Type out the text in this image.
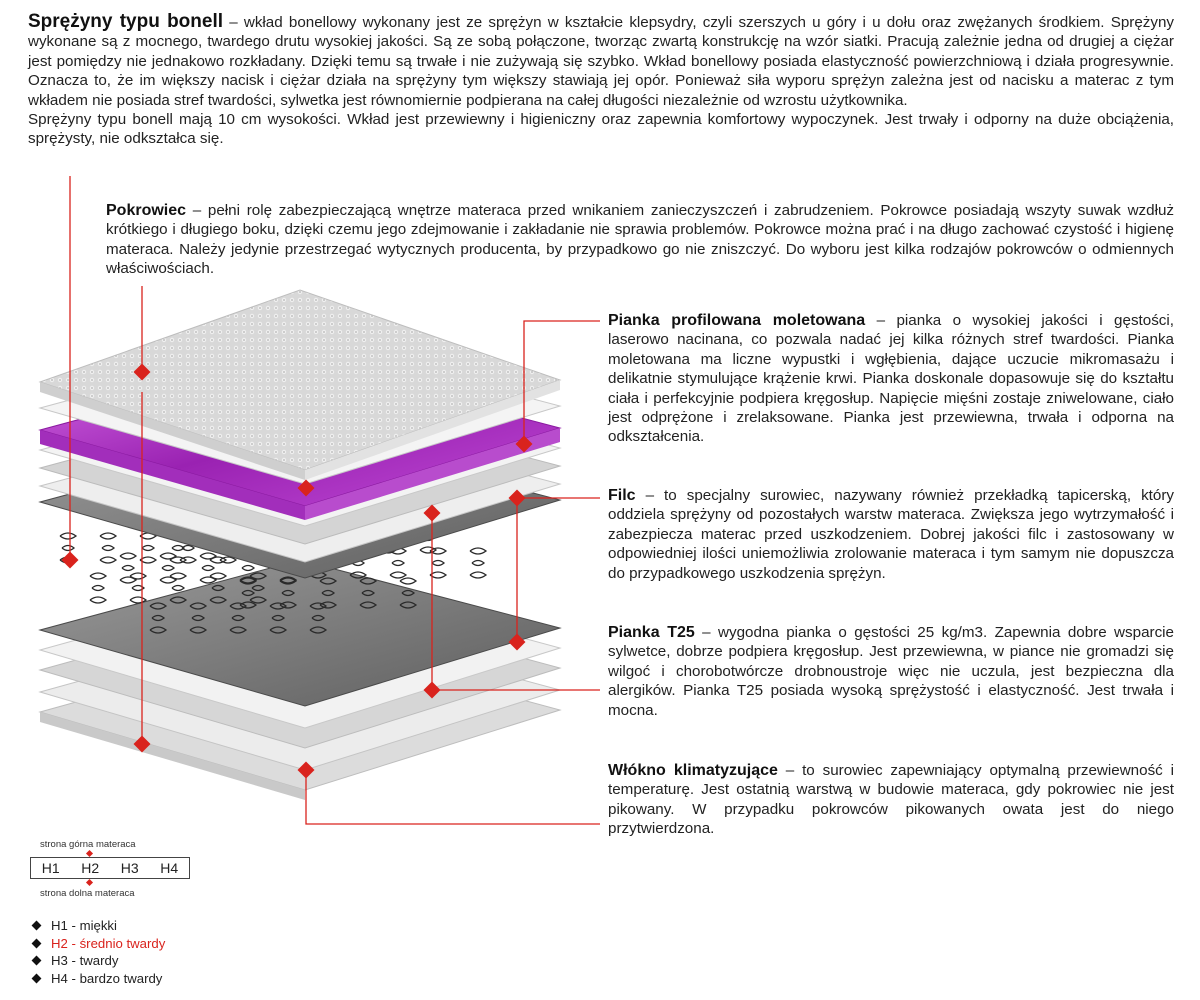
Sprężyny typu bonell – wkład bonellowy wykonany jest ze sprężyn w kształcie klepsydry, czyli szerszych u góry i u dołu oraz zwężanych środkiem. Sprężyny wykonane są z mocnego, twardego drutu wysokiej jakości. Są ze sobą połączone, tworząc zwartą konstrukcję na wzór siatki. Pracują zależnie jedna od drugiej a ciężar jest pomiędzy nie jednakowo rozkładany. Dzięki temu są trwałe i nie zużywają się szybko. Wkład bonellowy posiada elastyczność powierzchniową i działa progresywnie. Oznacza to, że im większy nacisk i ciężar działa na sprężyny tym większy stawiają jej opór. Ponieważ siła wyporu sprężyn zależna jest od nacisku a materac z tym wkładem nie posiada stref twardości, sylwetka jest równomiernie podpierana na całej długości niezależnie od wzrostu użytkownika.
Sprężyny typu bonell mają 10 cm wysokości. Wkład jest przewiewny i higieniczny oraz zapewnia komfortowy wypoczynek. Jest trwały i odporny na duże obciążenia, sprężysty, nie odkształca się.
Pokrowiec – pełni rolę zabezpieczającą wnętrze materaca przed wnikaniem zanieczyszczeń i zabrudzeniem. Pokrowce posiadają wszyty suwak wzdłuż krótkiego i długiego boku, dzięki czemu jego zdejmowanie i zakładanie nie sprawia problemów. Pokrowce można prać i na długo zachować czystość i higienę materaca. Należy jedynie przestrzegać wytycznych producenta, by przypadkowo go nie zniszczyć. Do wyboru jest kilka rodzajów pokrowców o odmiennych właściwościach.
Pianka profilowana moletowana – pianka o wysokiej jakości i gęstości, laserowo nacinana, co pozwala nadać jej kilka różnych stref twardości. Pianka moletowana ma liczne wypustki i wgłębienia, dające uczucie mikromasażu i delikatnie stymulujące krążenie krwi. Pianka doskonale dopasowuje się do kształtu ciała i perfekcyjnie podpiera kręgosłup. Napięcie mięśni zostaje zniwelowane, ciało jest odprężone i zrelaksowane. Pianka jest przewiewna, trwała i odporna na odkształcenia.
Filc – to specjalny surowiec, nazywany również przekładką tapicerską, który oddziela sprężyny od pozostałych warstw materaca. Zwiększa jego wytrzymałość i zabezpiecza materac przed uszkodzeniem. Dobrej jakości filc i zastosowany w odpowiedniej ilości uniemożliwia zrolowanie materaca i tym samym nie dopuszcza do przypadkowego uszkodzenia sprężyn.
Pianka T25 – wygodna pianka o gęstości 25 kg/m3. Zapewnia dobre wsparcie sylwetce, dobrze podpiera kręgosłup. Jest przewiewna, w piance nie gromadzi się wilgoć i chorobotwórcze drobnoustroje więc nie uczula, jest bezpieczna dla alergików. Pianka T25 posiada wysoką sprężystość i elastyczność. Jest trwała i mocna.
Włókno klimatyzujące – to surowiec zapewniający optymalną przewiewność i temperaturę. Jest ostatnią warstwą w budowie materaca, gdy pokrowiec nie jest pikowany. W przypadku pokrowców pikowanych owata jest do niego przytwierdzona.
strona górna materaca
H1 H2 H3 H4
strona dolna materaca
H1 - miękki
H2 - średnio twardy
H3 - twardy
H4 - bardzo twardy
